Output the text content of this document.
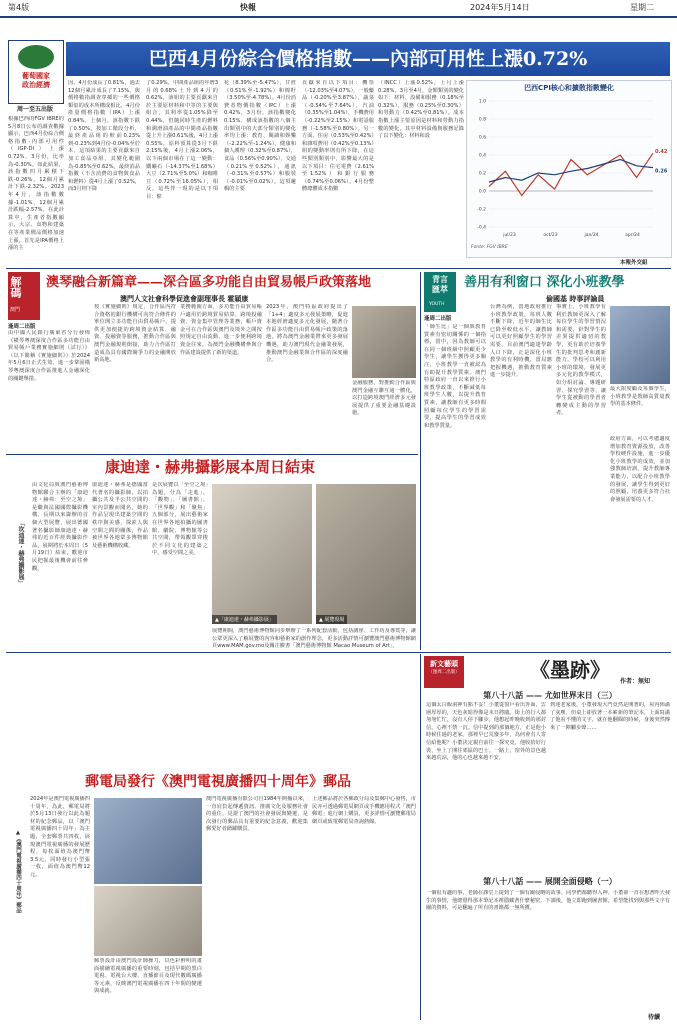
第4版	快報	2024年5月14日	星期二
葡萄國家
政治經濟
周一至五出版
巴西4月份綜合價格指數——內部可用性上漲0.72%
根據巴西的FGV IBRE的5月8日公布的調查數據顯示，巴西4月份綜合價格指數-內部可用性（IGP-DI）上漲0.72%，3月份，比率為-0.30%。如此結果，該指數四月累積下跌-0.26%，12個月累計下跌-2.32%。2023年4月，該指數數據-1.01%，12個月累計跌幅-2.57%。在此計算中，生產者指數顯示，大宗、食物和建築在等產業價品價格加速上漲，首先是IPA價格上漲的主
因，4月份成長了0.81%，過去12個月累計成長了7.15%。與價格數指調查穿插的一些價格類似的成本所構成相比，4月份產量價格指數（IPA）上漲0.84%，上個月，該指數下跌了0.50%，按加工階段分析，最終產品組的較前0.23%到-0.23%到4月份-0.04%至於本，這項結果的主要貢獻來自加工食品亞組，其變化範圍為-0.85%至0.62%，最終消品指數（不含消費的食物與食品和燃料）從4月上漲了0.52%，而3月則下降
了0.29%。中間產品組的年增3月的0.68%上升到4月的0.62%，該組的主要貢獻來自於主要原材料和中等的主要與組合，其利率從1.05%降至0.44%，但隨同時生產的燃料和潤滑油產品的中間產品指數從上升上漲0.61%後，4月上漲0.55%。原料預算從3月下跌2.15%後，4月上漲2.06%，以下兩個市場在了這一變動：鐵礦石（-14.37%至1.68%）大豆（2.71%至5.0%）和咖啡豆（0.72%至16.05%），相反，這些伴一現的是以下項目：棉
花（8.39%至-5.47%），甘蔗（0.51%至-1.92%）和棉籽（3.50%至-4.78%）。4月份消費者物價指數（IPC）上漲0.42%，3月份，該指數變化0.15%，構成該指數的八個主出類別中的大部分類別的變化率均上漲：教育、閱讀和娛樂（-2.22%至-1.24%），健康和個人護理（0.32%至0.87%），食品（0.56%至0.90%），交通（0.21%至0.52%），通訊（-0.31%至0.57%）和服裝（-0.01%至0.02%）。這項邏輯的主要
貢獻來自以下項目：機票（-12.03%至4.07%），一般藥品（-0.20%至3.87%），蔬菜（-0.54%至7.64%），汽油（0.35%至1.04%），手機費用（-0.22%至2.15%）和電話服務（-1.58%至0.80%）。另一方面，住房（0.53%至0.42%）和雜項費用（0.42%至0.13%）組的變動率則有所下降，在這些類別類別中，影響最大的是以下項目：住宅電費（2.61%至1.52%）和銀行服務（0.74%至0.06%）。4月份整體總體成本指數
（INCC）上漲0.52%，上月上漲0.28%，3月至4月，金額類別的變化如下：材料、設備和服務（0.18%至0.32%），服務（0.25%至0.30%）和勞動力（0.42%至0.81%）。成本指數上漲主要原因是材料和勞動力指數的變化，其中材料設備與服務記錄了以下變化：材料和設
巴西CPI核心和擴散指數變化
1.0
0.8
0.6
0.4
0.2
0.0
-0.2
-0.4
jul/23	oct/23	jan/24	apr/24
0.42
0.26
Fonte: FGV IBRE
本報外交組
解碼
澳門
逢周二出版
澳琴融合新篇章——深合區多功能自由貿易帳戶政策落地
澳門人文社會科學促進會副理事長 霍穎康
由中國人民銀行廣東省分行發佈《橫琴粵澳深度合作區多功能自由貿易帳戶業務實施細則（試行）》（以下簡稱《實施細則》）於2024年5月6日正式生效，進一步鞏固橫琴粵澳深度合作區推進人金融深化的關鍵舉措。
按《實施細則》規定，合作區內符合資格的銀行機構可向符合條件的單位開立多功能自由貿易帳戶，提供更加便捷的跨境資金結算、融資、投融資等服務，推動合作區與澳門金融規則銜接，助力合作區打造成為具有國際競爭力的金融開放新高地。
業務範圍方面，多功能自由貿易帳戶適用於跨境貿易結算、跨境投融資、資金集中管理等業務，帳戶資金可在合作區與澳門及境外之間按照規定自由流動，進一步便利跨境資金往來，為澳門金融機構參與合作區建設提供了新的渠道。
2023年，澳門特區政府提出了「1+4」適度多元發展策略，促進本地經濟適度多元化發展，隨著合作區多功能自由貿易帳戶政策的落地，將為澳門金融業帶來更多發展機遇，助力澳門現代金融業發展，推動澳門金融業與合作區的深度融合。
金融服務，對推動合作區與澳門金融互聯互通一體化，以打造跨境澳門經濟多元發展提供了重要金融基礎設施。
青言
匯萃
YOUTH
逢周二出版
善用有利窗口 深化小班教學
倫國基 時事評論員
「師生比」是一個與教育質素有密切關係的一個指標，當中，因為教師可以在同一個班級中照顧更少學生，讓學生獲得更多關注，小班教學一直被認為有助提升教學質素。澳門特區政府一直以來推行小班教學政策，不斷減低每班學生人數，以提升教育質素，讓教師有更多時間照顧每位學生的學習需要，提高學生的學習成效和教學質量。
台灣為例，當地政府推行小班教學政策，每班人數不斷下降，近年的師生比已降至較低水平，讓教師可以更好照顧學生的學習需要。目前澳門適逢學齡人口下降，正是深化小班教學的有利時機，當局應把握機遇，推動教育質素進一步提升。
事實上，小班教學有利於教師更深入了解每位學生的學習情況和需要，針對學生的差異提供適切的教學，更有助於培養學生的批判思考和創新能力。學校可以利用小班的環境，發展更多元化的教學模式，如分組討論、專題研習、探究學習等，讓學生從被動的學習者轉變成主動的學習者。
最大限度顧及每個學生，小班教學是教師高質量教學的基本條件。
政府方面，可以考慮適度增加教育資源投放，改善學校硬件設施，進一步優化小班教學的成效，並加強教師培訓，提升教師專業能力，以配合小班教學的發展，讓學生得到更好的照顧，培養更多符合社會發展需要的人才。
康迪達・赫弗攝影展本周日結束
「坎迪達・赫弗攝影展」
由文化局與澳門藝術博物館聯合主辦的「康迪達・赫弗：至空之境」是繼與法國國際攝影機構、長期以來籌辦的首個大型展覽，展出德國著名攝影師康迪達・赫弗的近百件經典攝影作品，展期將於本周日（5月19日）結束，歡迎市民把握最後機會前往參觀。
康迪達・赫弗是德國當代著名的攝影師，以拍攝公共及半公共空間的室內景觀而聞名，她的作品呈現出建築空間的秩序與美感，探索人與空間之間的關係，作品被世界各地眾多博物館及藝術機構收藏。
是次展覽以「至空之境」為題，分為「走進」、「觀物」、「圖書館」、「世界觀」和「聚焦」五個部分，展出藝術家在世界各地拍攝的圖書館、劇院、博物館等公共空間，帶領觀眾穿梭於不同文化的建築之中，感受空間之美。
▲「康迪達・赫弗攝影展」	▲ 展覽現場
展覽期間，澳門藝術博物館同步舉辦了一系列配套活動，包括講座、工作坊及導賞等，讓公眾更深入了解展覽的內容和藝術家的創作理念，更多活動詳情可瀏覽澳門藝術博物館網頁www.MAM.gov.mo及關注臉書「澳門藝術博物館 Macao Museum of Art」。
新文藝頭
（逢周二出版）	《墨跡》	作者：無知
第八十八話 —— 尤如世界末日（三）
這個太白飯洞神有點不妥！小董從窗戶看出外面，雲層厚厚的，天色灰暗得像是末日將臨。街上的行人都匆匆忙忙，沒有人停下腳步。他想起昨晚收到的那封信，心裡不禁一沉。信中提到的那個地方，正是他小時候住過的老家。那裡早已荒廢多年，為何會有人寄信給他呢？小董決定親自前往一探究竟，他收拾好行裝，坐上了開往郊區的巴士。一路上，窗外的景色越來越荒涼，他的心也越來越不安。
到達老家後，小董發現大門竟然是開著的，屋內佈滿了灰塵，但桌上卻放著一本嶄新的筆記本，上面寫滿了他看不懂的文字。就在他翻閱的時候，身後突然傳來了一陣腳步聲……
第八十八話 —— 展開全面侵略（一）
一個很有趣的事，老師在課堂上提到了一個有關侵略的故事，同學們都聽得入神。小董卻一直在想著昨天發生的事情，他總覺得那本筆記本裡隱藏著什麼秘密。下課後，他立即跑到圖書館，希望能找到與那些文字有關的資料，可是翻遍了所有的書籍都一無所獲。
待續
郵電局發行《澳門電視廣播四十周年》郵品
▲《澳門電視廣播四十周年》郵品
2024年是澳門電視廣播四十周年，為此，郵電局將於5月13日發行以此為題材的紀念郵品，以「澳門電視廣播四十周年」為主題，全套郵票共四枚，展現澳門電視廣播的發展歷程，每枚面值為澳門幣3.5元，同時發行小型張一枚，面值為澳門幣12元。
郵票設計由澳門設計師操刀，以色彩鮮明的畫面描繪電視廣播的重要時刻，包括早期的黑白電視、電視台大樓、直播節目及現代數碼廣播等元素，反映澳門電視廣播在四十年間的變遷與成就。
澳門電視廣播有限公司自1984年開播以來，一直肩負起傳遞資訊、推廣文化及服務社會的重任，見證了澳門的社會發展與變遷，是次發行的郵品具有重要的紀念意義，歡迎集郵愛好者踴躍購買。
上述郵品將於各郵政分局及集郵中心發售，市民亦可透過郵電局網頁或手機應用程式「澳門郵電」進行網上購買，更多詳情可瀏覽郵電局網頁或致電郵電局查詢熱線。
